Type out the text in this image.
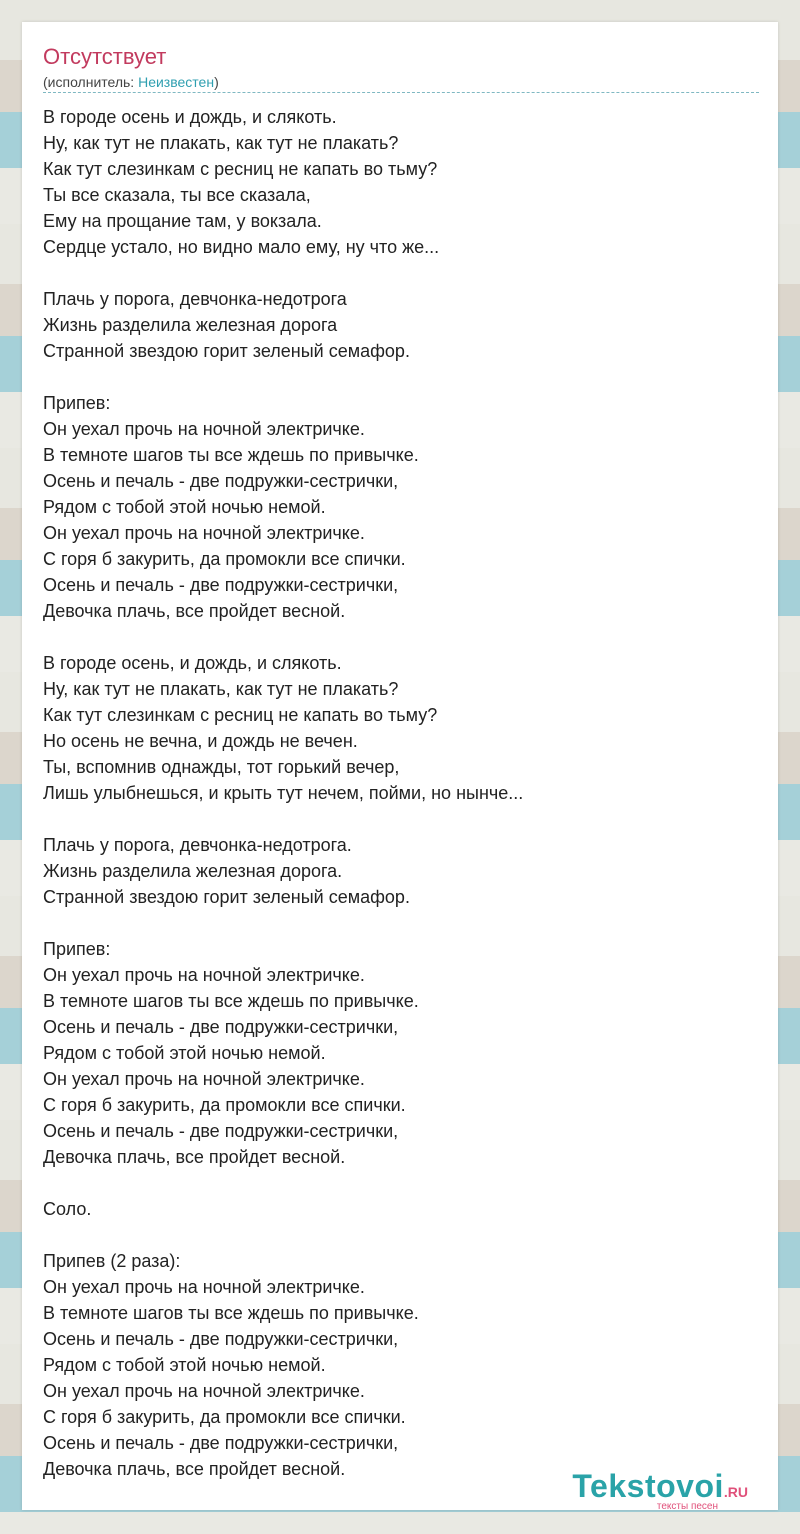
Отсутствует
(исполнитель: Неизвестен)
В городе осень и дождь, и слякоть.
Ну, как тут не плакать, как тут не плакать?
Как тут слезинкам с ресниц не капать во тьму?
Ты все сказала, ты все сказала,
Ему на прощание там, у вокзала.
Сердце устало, но видно мало ему, ну что же...
Плачь у порога, девчонка-недотрога
Жизнь разделила железная дорога
Странной звездою горит зеленый семафор.
Припев:
Он уехал прочь на ночной электричке.
В темноте шагов ты все ждешь по привычке.
Осень и печаль - две подружки-сестрички,
Рядом с тобой этой ночью немой.
Он уехал прочь на ночной электричке.
С горя б закурить, да промокли все спички.
Осень и печаль - две подружки-сестрички,
Девочка плачь, все пройдет весной.
В городе осень, и дождь, и слякоть.
Ну, как тут не плакать, как тут не плакать?
Как тут слезинкам с ресниц не капать во тьму?
Но осень не вечна, и дождь не вечен.
Ты, вспомнив однажды, тот горький вечер,
Лишь улыбнешься, и крыть тут нечем, пойми, но нынче...
Плачь у порога, девчонка-недотрога.
Жизнь разделила железная дорога.
Странной звездою горит зеленый семафор.
Припев:
Он уехал прочь на ночной электричке.
В темноте шагов ты все ждешь по привычке.
Осень и печаль - две подружки-сестрички,
Рядом с тобой этой ночью немой.
Он уехал прочь на ночной электричке.
С горя б закурить, да промокли все спички.
Осень и печаль - две подружки-сестрички,
Девочка плачь, все пройдет весной.
Соло.
Припев (2 раза):
Он уехал прочь на ночной электричке.
В темноте шагов ты все ждешь по привычке.
Осень и печаль - две подружки-сестрички,
Рядом с тобой этой ночью немой.
Он уехал прочь на ночной электричке.
С горя б закурить, да промокли все спички.
Осень и печаль - две подружки-сестрички,
Девочка плачь, все пройдет весной.	Tekstovoi.RU
тексты песен
